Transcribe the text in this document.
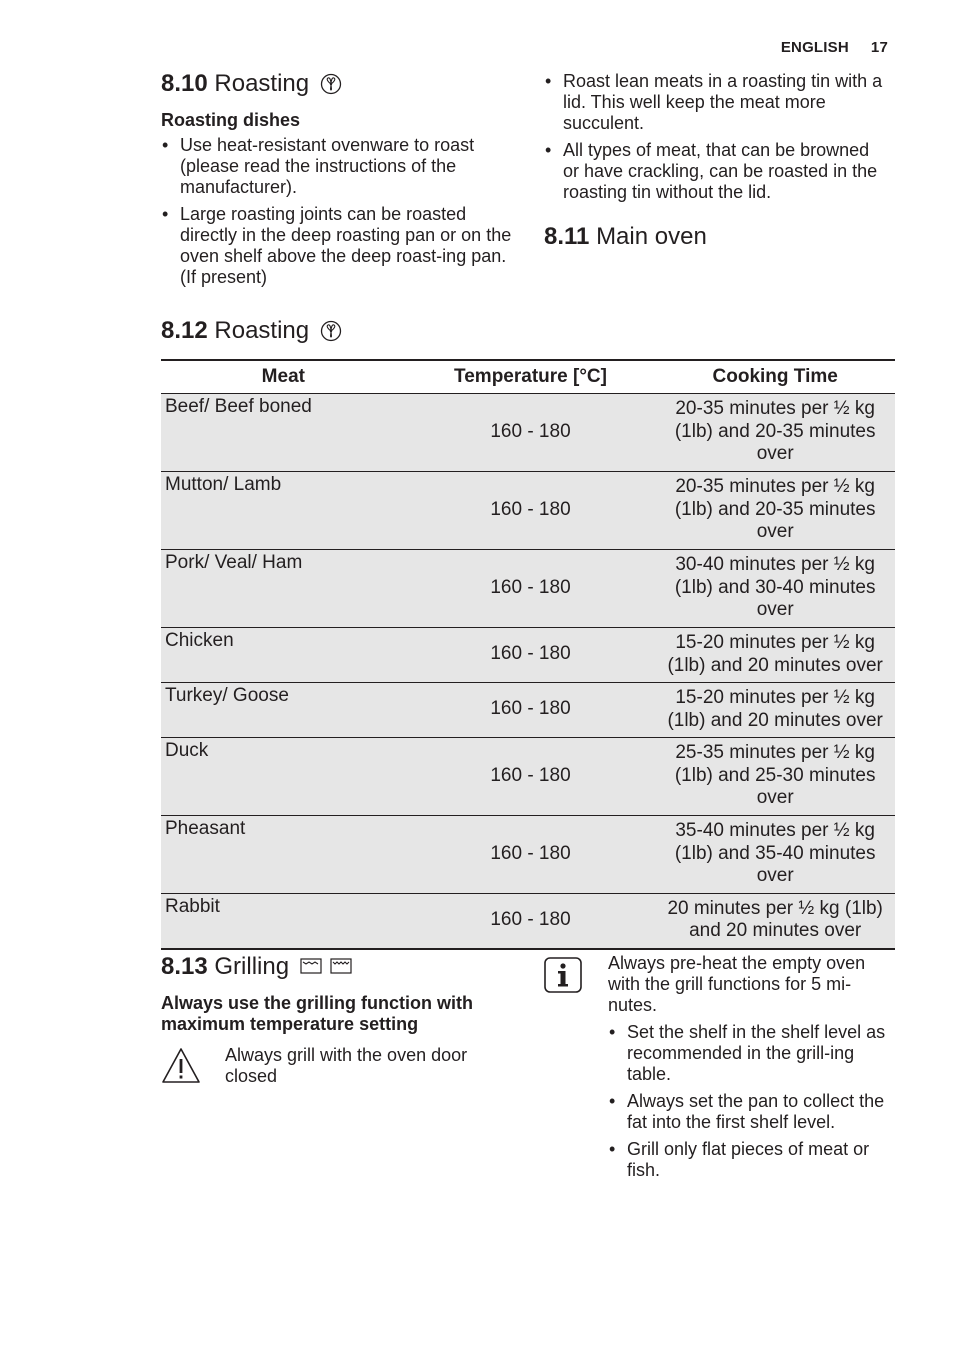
ENGLISH 17
8.10 Roasting
Roasting dishes
• Use heat-resistant ovenware to roast (please read the instructions of the manufacturer).
• Large roasting joints can be roasted directly in the deep roasting pan or on the oven shelf above the deep roast-ing pan. (If present)
• Roast lean meats in a roasting tin with a lid. This well keep the meat more succulent.
• All types of meat, that can be browned or have crackling, can be roasted in the roasting tin without the lid.
8.11 Main oven
8.12 Roasting
Meat	Temperature [°C]	Cooking Time
Beef/ Beef boned	160 - 180	20-35 minutes per ½ kg (1lb) and 20-35 minutes over
Mutton/ Lamb	160 - 180	20-35 minutes per ½ kg (1lb) and 20-35 minutes over
Pork/ Veal/ Ham	160 - 180	30-40 minutes per ½ kg (1lb) and 30-40 minutes over
Chicken	160 - 180	15-20 minutes per ½ kg (1lb) and 20 minutes over
Turkey/ Goose	160 - 180	15-20 minutes per ½ kg (1lb) and 20 minutes over
Duck	160 - 180	25-35 minutes per ½ kg (1lb) and 25-30 minutes over
Pheasant	160 - 180	35-40 minutes per ½ kg (1lb) and 35-40 minutes over
Rabbit	160 - 180	20 minutes per ½ kg (1lb) and 20 minutes over
8.13 Grilling
Always use the grilling function with maximum temperature setting
Always grill with the oven door closed
Always pre-heat the empty oven with the grill functions for 5 mi-nutes.
• Set the shelf in the shelf level as recommended in the grill-ing table.
• Always set the pan to collect the fat into the first shelf level.
• Grill only flat pieces of meat or fish.
